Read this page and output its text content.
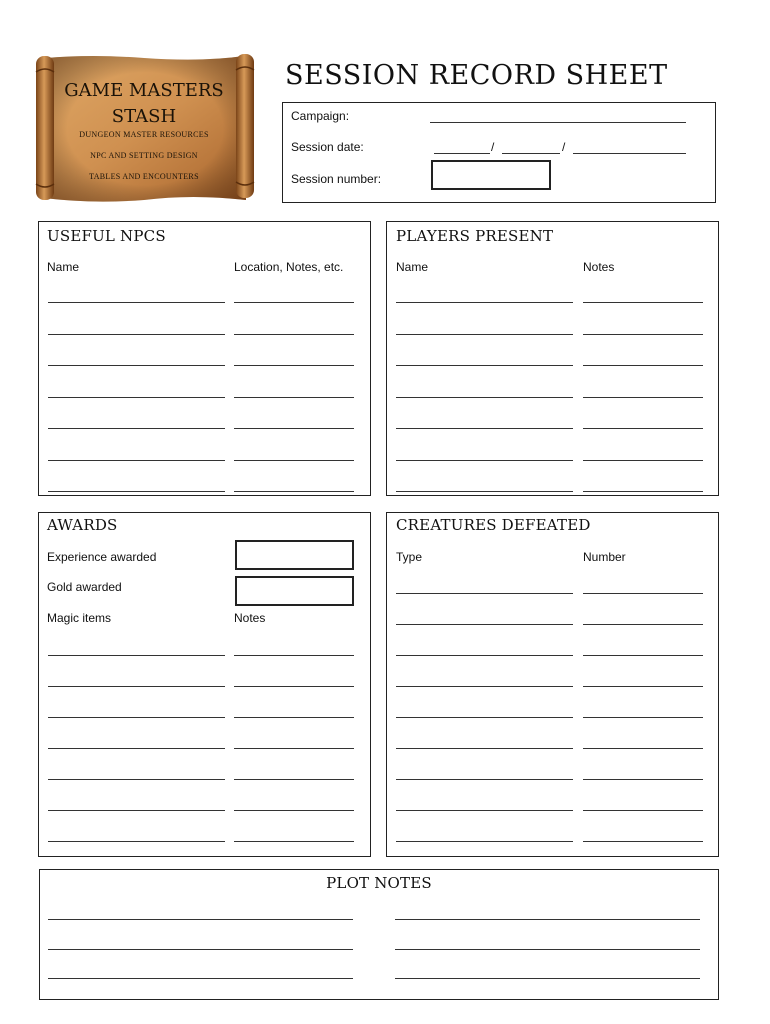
GAME MASTERS
STASH
DUNGEON MASTER RESOURCES
NPC AND SETTING DESIGN
TABLES AND ENCOUNTERS
SESSION RECORD SHEET
Campaign:
Session date:	/	/
Session number:
USEFUL NPCS
Name	Location, Notes, etc.
PLAYERS PRESENT
Name	Notes
AWARDS
Experience awarded
Gold awarded
Magic items	Notes
CREATURES DEFEATED
Type	Number
PLOT NOTES
